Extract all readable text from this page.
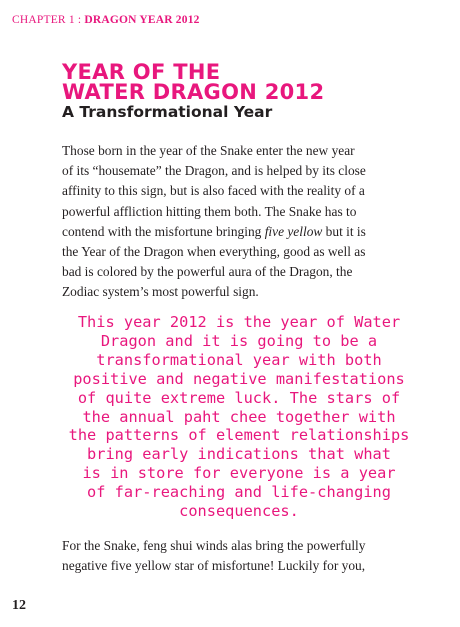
CHAPTER 1 : DRAGON YEAR 2012
YEAR OF THE
WATER DRAGON 2012
A Transformational Year

Those born in the year of the Snake enter the new year
of its “housemate” the Dragon, and is helped by its close
affinity to this sign, but is also faced with the reality of a
powerful affliction hitting them both. The Snake has to
contend with the misfortune bringing five yellow but it is
the Year of the Dragon when everything, good as well as
bad is colored by the powerful aura of the Dragon, the
Zodiac system’s most powerful sign.

This year 2012 is the year of Water
Dragon and it is going to be a
transformational year with both
positive and negative manifestations
of quite extreme luck. The stars of
the annual paht chee together with
the patterns of element relationships
bring early indications that what
is in store for everyone is a year
of far-reaching and life-changing
consequences.

For the Snake, feng shui winds alas bring the powerfully
negative five yellow star of misfortune! Luckily for you,

12
